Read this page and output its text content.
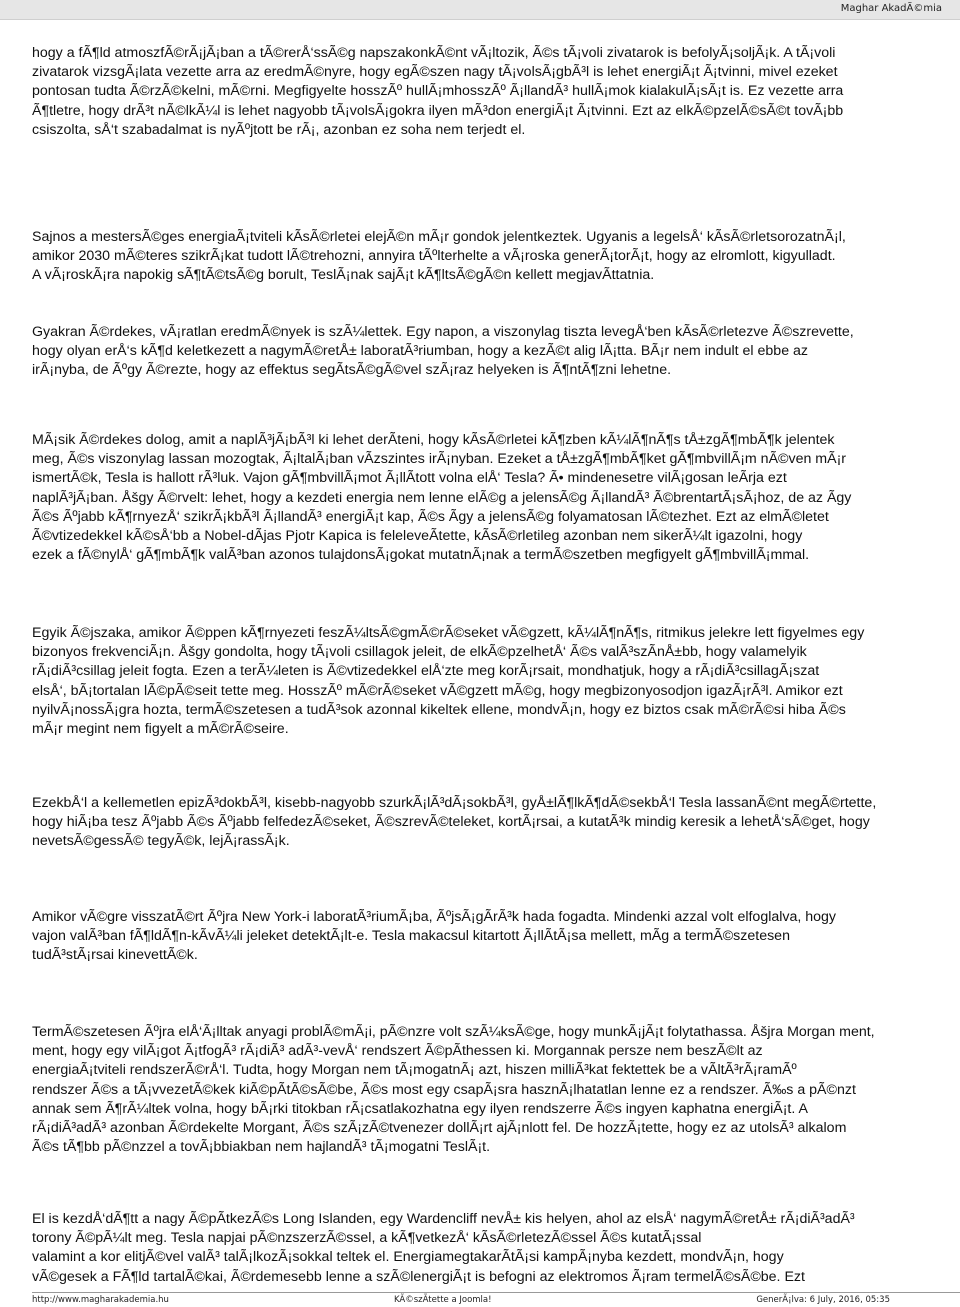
Maghar AkadÃ©mia

hogy a fÃ¶ld atmoszfÃ©rÃ¡jÃ¡ban a tÃ©rerÅ‘ssÃ©g napszakonkÃ©nt vÃ¡ltozik, Ã©s tÃ¡voli zivatarok is befolyÃ¡soljÃ¡k. A tÃ¡voli
zivatarok vizsgÃ¡lata vezette arra az eredmÃ©nyre, hogy egÃ©szen nagy tÃ¡volsÃ¡gbÃ³l is lehet energiÃ¡t Ã¡tvinni, mivel ezeket
pontosan tudta Ã©rzÃ©kelni, mÃ©rni. Megfigyelte hosszÃº hullÃ¡mhosszÃº Ã¡llandÃ³ hullÃ¡mok kialakulÃ¡sÃ¡t is. Ez vezette arra
Ã¶tletre, hogy drÃ³t nÃ©lkÃ¼l is lehet nagyobb tÃ¡volsÃ¡gokra ilyen mÃ³don energiÃ¡t Ã¡tvinni. Ezt az elkÃ©pzelÃ©sÃ©t tovÃ¡bb
csiszolta, sÅ‘t szabadalmat is nyÃºjtott be rÃ¡, azonban ez soha nem terjedt el.

Sajnos a mestersÃ©ges energiaÃ¡tviteli kÃsÃ©rletei elejÃ©n mÃ¡r gondok jelentkeztek. Ugyanis a legelsÅ‘ kÃsÃ©rletsorozatnÃ¡l,
amikor 2030 mÃ©teres szikrÃ¡kat tudott lÃ©trehozni, annyira tÃºlterhelte a vÃ¡roska generÃ¡torÃ¡t, hogy az elromlott, kigyulladt.
A vÃ¡roskÃ¡ra napokig sÃ¶tÃ©tsÃ©g borult, TeslÃ¡nak sajÃ¡t kÃ¶ltsÃ©gÃ©n kellett megjavÃttatnia.

Gyakran Ã©rdekes, vÃ¡ratlan eredmÃ©nyek is szÃ¼lettek. Egy napon, a viszonylag tiszta levegÅ‘ben kÃsÃ©rletezve Ã©szrevette,
hogy olyan erÅ‘s kÃ¶d keletkezett a nagymÃ©retÅ± laboratÃ³riumban, hogy a kezÃ©t alig lÃ¡tta. BÃ¡r nem indult el ebbe az
irÃ¡nyba, de Ãºgy Ã©rezte, hogy az effektus segÃtsÃ©gÃ©vel szÃ¡raz helyeken is Ã¶ntÃ¶zni lehetne.

MÃ¡sik Ã©rdekes dolog, amit a naplÃ³jÃ¡bÃ³l ki lehet derÃteni, hogy kÃsÃ©rletei kÃ¶zben kÃ¼lÃ¶nÃ¶s tÅ±zgÃ¶mbÃ¶k jelentek
meg, Ã©s viszonylag lassan mozogtak, Ã¡ltalÃ¡ban vÃzszintes irÃ¡nyban. Ezeket a tÅ±zgÃ¶mbÃ¶ket gÃ¶mbvillÃ¡m nÃ©ven mÃ¡r
ismertÃ©k, Tesla is hallott rÃ³luk. Vajon gÃ¶mbvillÃ¡mot Ã¡llÃtott volna elÅ‘ Tesla? Ã• mindenesetre vilÃ¡gosan leÃrja ezt
naplÃ³jÃ¡ban. Åšgy Ã©rvelt: lehet, hogy a kezdeti energia nem lenne elÃ©g a jelensÃ©g Ã¡llandÃ³ Ã©brentartÃ¡sÃ¡hoz, de az Ãgy
Ã©s Ãºjabb kÃ¶rnyezÅ‘ szikrÃ¡kbÃ³l Ã¡llandÃ³ energiÃ¡t kap, Ã©s Ãgy a jelensÃ©g folyamatosan lÃ©tezhet. Ezt az elmÃ©letet
Ã©vtizedekkel kÃ©sÅ‘bb a Nobel-dÃjas Pjotr Kapica is feleleveÃtette, kÃsÃ©rletileg azonban nem sikerÃ¼lt igazolni, hogy
ezek a fÃ©nylÅ‘ gÃ¶mbÃ¶k valÃ³ban azonos tulajdonsÃ¡gokat mutatnÃ¡nak a termÃ©szetben megfigyelt gÃ¶mbvillÃ¡mmal.

Egyik Ã©jszaka, amikor Ã©ppen kÃ¶rnyezeti feszÃ¼ltsÃ©gmÃ©rÃ©seket vÃ©gzett, kÃ¼lÃ¶nÃ¶s, ritmikus jelekre lett figyelmes egy
bizonyos frekvenciÃ¡n. Åšgy gondolta, hogy tÃ¡voli csillagok jeleit, de elkÃ©pzelhetÅ‘ Ã©s valÃ³szÃnÅ±bb, hogy valamelyik
rÃ¡diÃ³csillag jeleit fogta. Ezen a terÃ¼leten is Ã©vtizedekkel elÅ‘zte meg korÃ¡rsait, mondhatjuk, hogy a rÃ¡diÃ³csillagÃ¡szat
elsÅ‘, bÃ¡tortalan lÃ©pÃ©seit tette meg. HosszÃº mÃ©rÃ©seket vÃ©gzett mÃ©g, hogy megbizonyosodjon igazÃ¡rÃ³l. Amikor ezt
nyilvÃ¡nossÃ¡gra hozta, termÃ©szetesen a tudÃ³sok azonnal kikeltek ellene, mondvÃ¡n, hogy ez biztos csak mÃ©rÃ©si hiba Ã©s
mÃ¡r megint nem figyelt a mÃ©rÃ©seire.

EzekbÅ‘l a kellemetlen epizÃ³dokbÃ³l, kisebb-nagyobb szurkÃ¡lÃ³dÃ¡sokbÃ³l, gyÅ±lÃ¶lkÃ¶dÃ©sekbÅ‘l Tesla lassanÃ©nt megÃ©rtette,
hogy hiÃ¡ba tesz Ãºjabb Ã©s Ãºjabb felfedezÃ©seket, Ã©szrevÃ©teleket, kortÃ¡rsai, a kutatÃ³k mindig keresik a lehetÅ‘sÃ©get, hogy
nevetsÃ©gessÃ© tegyÃ©k, lejÃ¡rassÃ¡k.

Amikor vÃ©gre visszatÃ©rt Ãºjra New York-i laboratÃ³riumÃ¡ba, ÃºjsÃ¡gÃrÃ³k hada fogadta. Mindenki azzal volt elfoglalva, hogy
vajon valÃ³ban fÃ¶ldÃ¶n-kÃvÃ¼li jeleket detektÃ¡lt-e. Tesla makacsul kitartott Ã¡llÃtÃ¡sa mellett, mÃg a termÃ©szetesen
tudÃ³stÃ¡rsai kinevettÃ©k.

TermÃ©szetesen Ãºjra elÅ‘Ã¡lltak anyagi problÃ©mÃ¡i, pÃ©nzre volt szÃ¼ksÃ©ge, hogy munkÃ¡jÃ¡t folytathassa. Åšjra Morgan ment,
ment, hogy egy vilÃ¡got Ã¡tfogÃ³ rÃ¡diÃ³ adÃ³-vevÅ‘ rendszert Ã©pÃthessen ki. Morgannak persze nem beszÃ©lt az
energiaÃ¡tviteli rendszerÃ©rÅ‘l. Tudta, hogy Morgan nem tÃ¡mogatnÃ¡ azt, hiszen milliÃ³kat fektettek be a vÃltÃ³rÃ¡ramÃº
rendszer Ã©s a tÃ¡vvezetÃ©kek kiÃ©pÃtÃ©sÃ©be, Ã©s most egy csapÃ¡sra hasznÃ¡lhatatlan lenne ez a rendszer. Ã‰s a pÃ©nzt
annak sem Ã¶rÃ¼ltek volna, hogy bÃ¡rki titokban rÃ¡csatlakozhatna egy ilyen rendszerre Ã©s ingyen kaphatna energiÃ¡t. A
rÃ¡diÃ³adÃ³ azonban Ã©rdekelte Morgant, Ã©s szÃ¡zÃ©tvenezer dollÃ¡rt ajÃ¡nlott fel. De hozzÃ¡tette, hogy ez az utolsÃ³ alkalom
Ã©s tÃ¶bb pÃ©nzzel a tovÃ¡bbiakban nem hajlandÃ³ tÃ¡mogatni TeslÃ¡t.

El is kezdÅ‘dÃ¶tt a nagy Ã©pÃtkezÃ©s Long Islanden, egy Wardencliff nevÅ± kis helyen, ahol az elsÅ‘ nagymÃ©retÅ± rÃ¡diÃ³adÃ³
torony Ã©pÃ¼lt meg. Tesla napjai pÃ©nzszerzÃ©ssel, a kÃ¶vetkezÅ‘ kÃsÃ©rletezÃ©ssel Ã©s kutatÃ¡ssal
valamint a kor elitjÃ©vel valÃ³ talÃ¡lkozÃ¡sokkal teltek el. EnergiamegtakarÃtÃ¡si kampÃ¡nyba kezdett, mondvÃ¡n, hogy
vÃ©gesek a FÃ¶ld tartalÃ©kai, Ã©rdemesebb lenne a szÃ©lenergiÃ¡t is befogni az elektromos Ã¡ram termelÃ©sÃ©be. Ezt

http://www.magharakademia.hu	KÃ©szÃtette a Joomla!	GenerÃ¡lva: 6 July, 2016, 05:35
